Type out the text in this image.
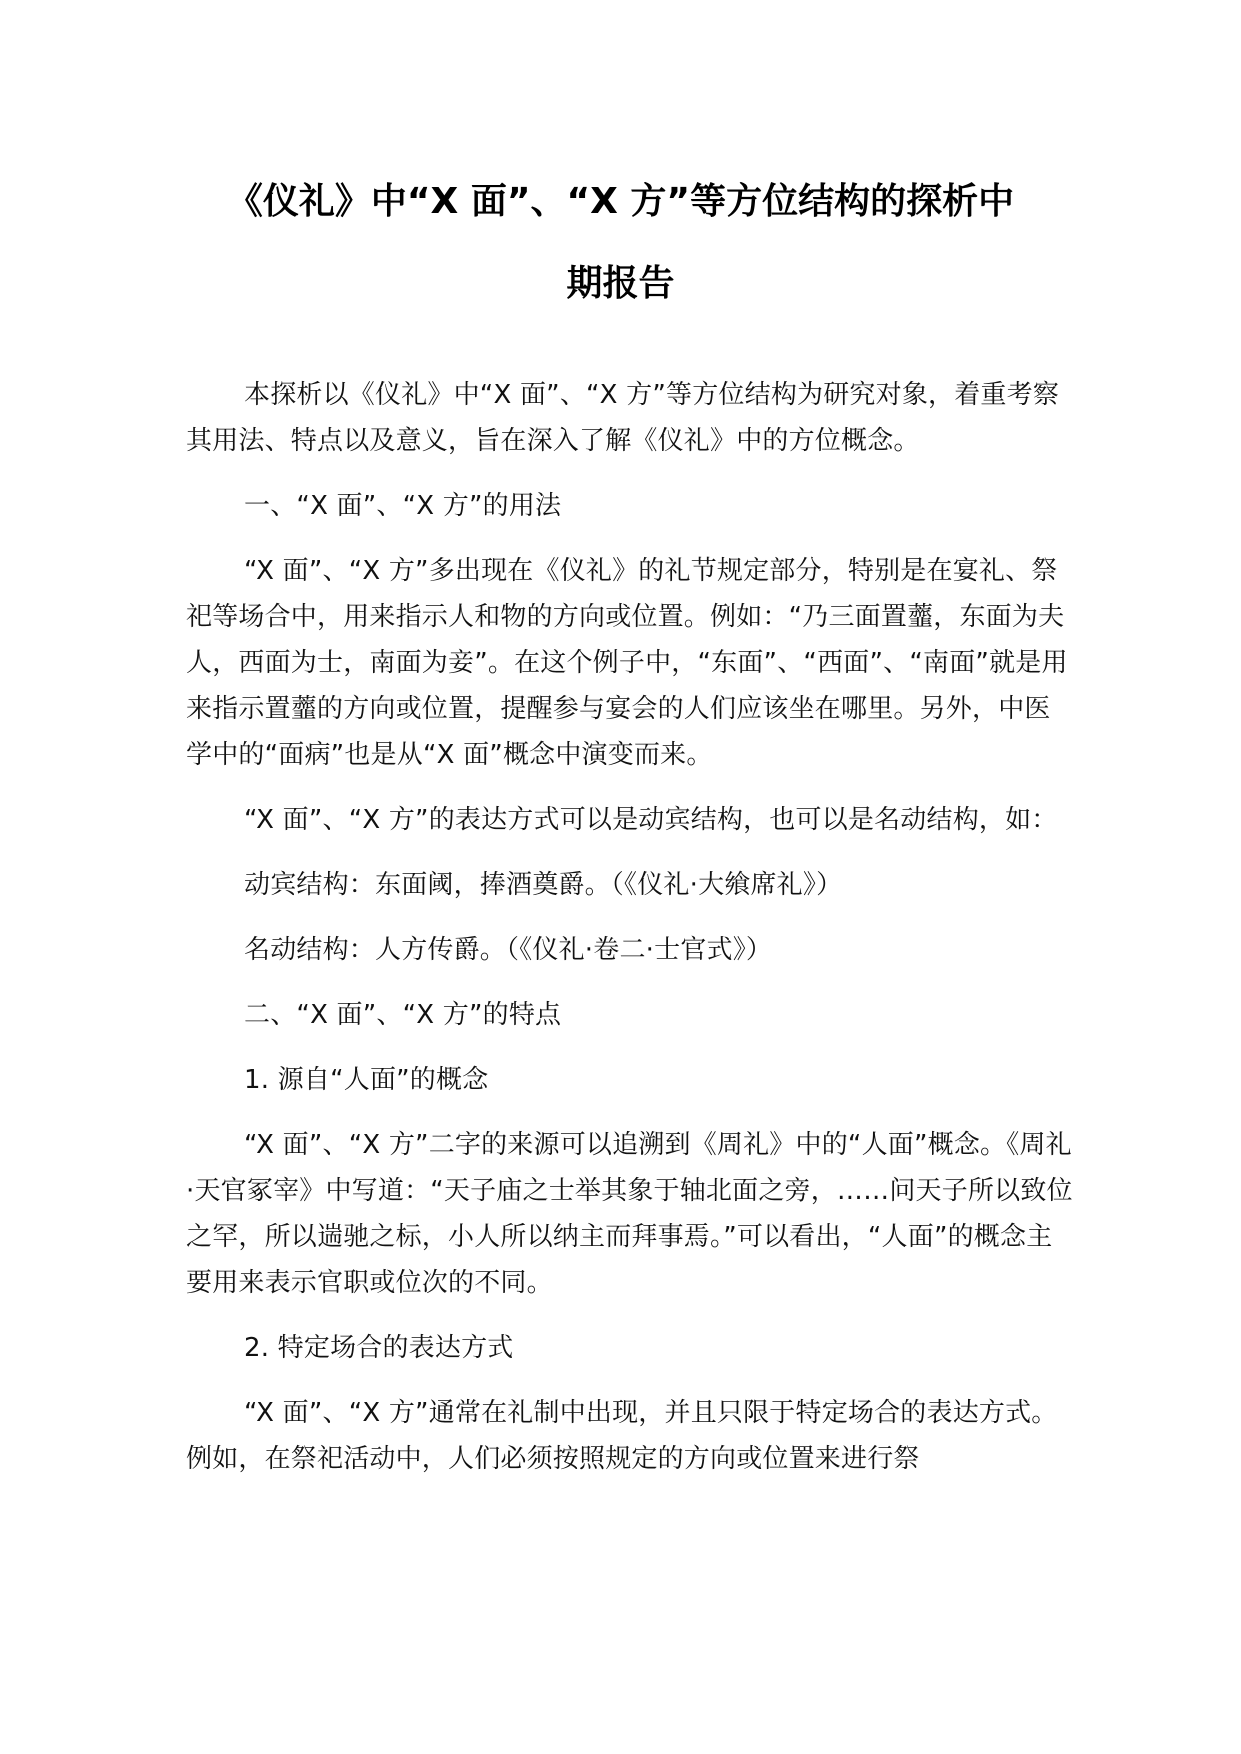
《仪礼》中“X 面”、“X 方”等方位结构的探析中
期报告

本探析以《仪礼》中“X 面”、“X 方”等方位结构为研究对象，着重考察其用法、特点以及意义，旨在深入了解《仪礼》中的方位概念。

一、“X 面”、“X 方”的用法

“X 面”、“X 方”多出现在《仪礼》的礼节规定部分，特别是在宴礼、祭祀等场合中，用来指示人和物的方向或位置。例如：“乃三面置虀，东面为夫人，西面为士，南面为妾”。在这个例子中，“东面”、“西面”、“南面”就是用来指示置虀的方向或位置，提醒参与宴会的人们应该坐在哪里。另外，中医学中的“面病”也是从“X 面”概念中演变而来。

“X 面”、“X 方”的表达方式可以是动宾结构，也可以是名动结构，如：

动宾结构：东面阈，捧酒奠爵。（《仪礼·大飨席礼》）

名动结构：人方传爵。（《仪礼·卷二·士官式》）

二、“X 面”、“X 方”的特点

1. 源自“人面”的概念

“X 面”、“X 方”二字的来源可以追溯到《周礼》中的“人面”概念。《周礼·天官冢宰》中写道：“天子庙之士举其象于轴北面之旁，……问天子所以致位之罕，所以遄驰之标，小人所以纳主而拜事焉。”可以看出，“人面”的概念主要用来表示官职或位次的不同。

2. 特定场合的表达方式

“X 面”、“X 方”通常在礼制中出现，并且只限于特定场合的表达方式。例如，在祭祀活动中，人们必须按照规定的方向或位置来进行祭
